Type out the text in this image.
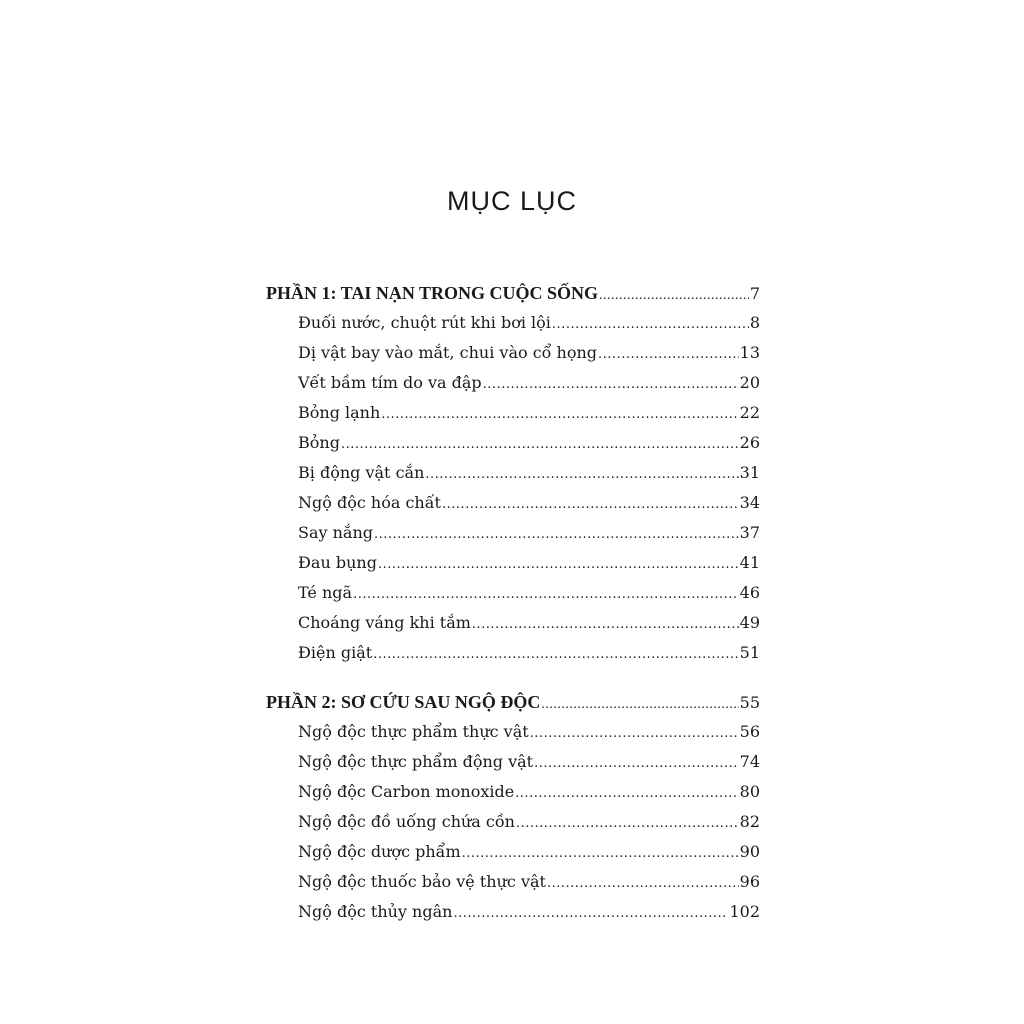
MỤC LỤC
PHẦN 1: TAI NẠN TRONG CUỘC SỐNG .....	7
Đuối nước, chuột rút khi bơi lội .....	8
Dị vật bay vào mắt, chui vào cổ họng .....	13
Vết bầm tím do va đập .....	20
Bỏng lạnh .....	22
Bỏng .....	26
Bị động vật cắn .....	31
Ngộ độc hóa chất .....	34
Say nắng .....	37
Đau bụng .....	41
Té ngã .....	46
Choáng váng khi tắm .....	49
Điện giật .....	51
PHẦN 2: SƠ CỨU SAU NGỘ ĐỘC .....	55
Ngộ độc thực phẩm thực vật .....	56
Ngộ độc thực phẩm động vật .....	74
Ngộ độc Carbon monoxide .....	80
Ngộ độc đồ uống chứa cồn .....	82
Ngộ độc dược phẩm .....	90
Ngộ độc thuốc bảo vệ thực vật .....	96
Ngộ độc thủy ngân .....	102
